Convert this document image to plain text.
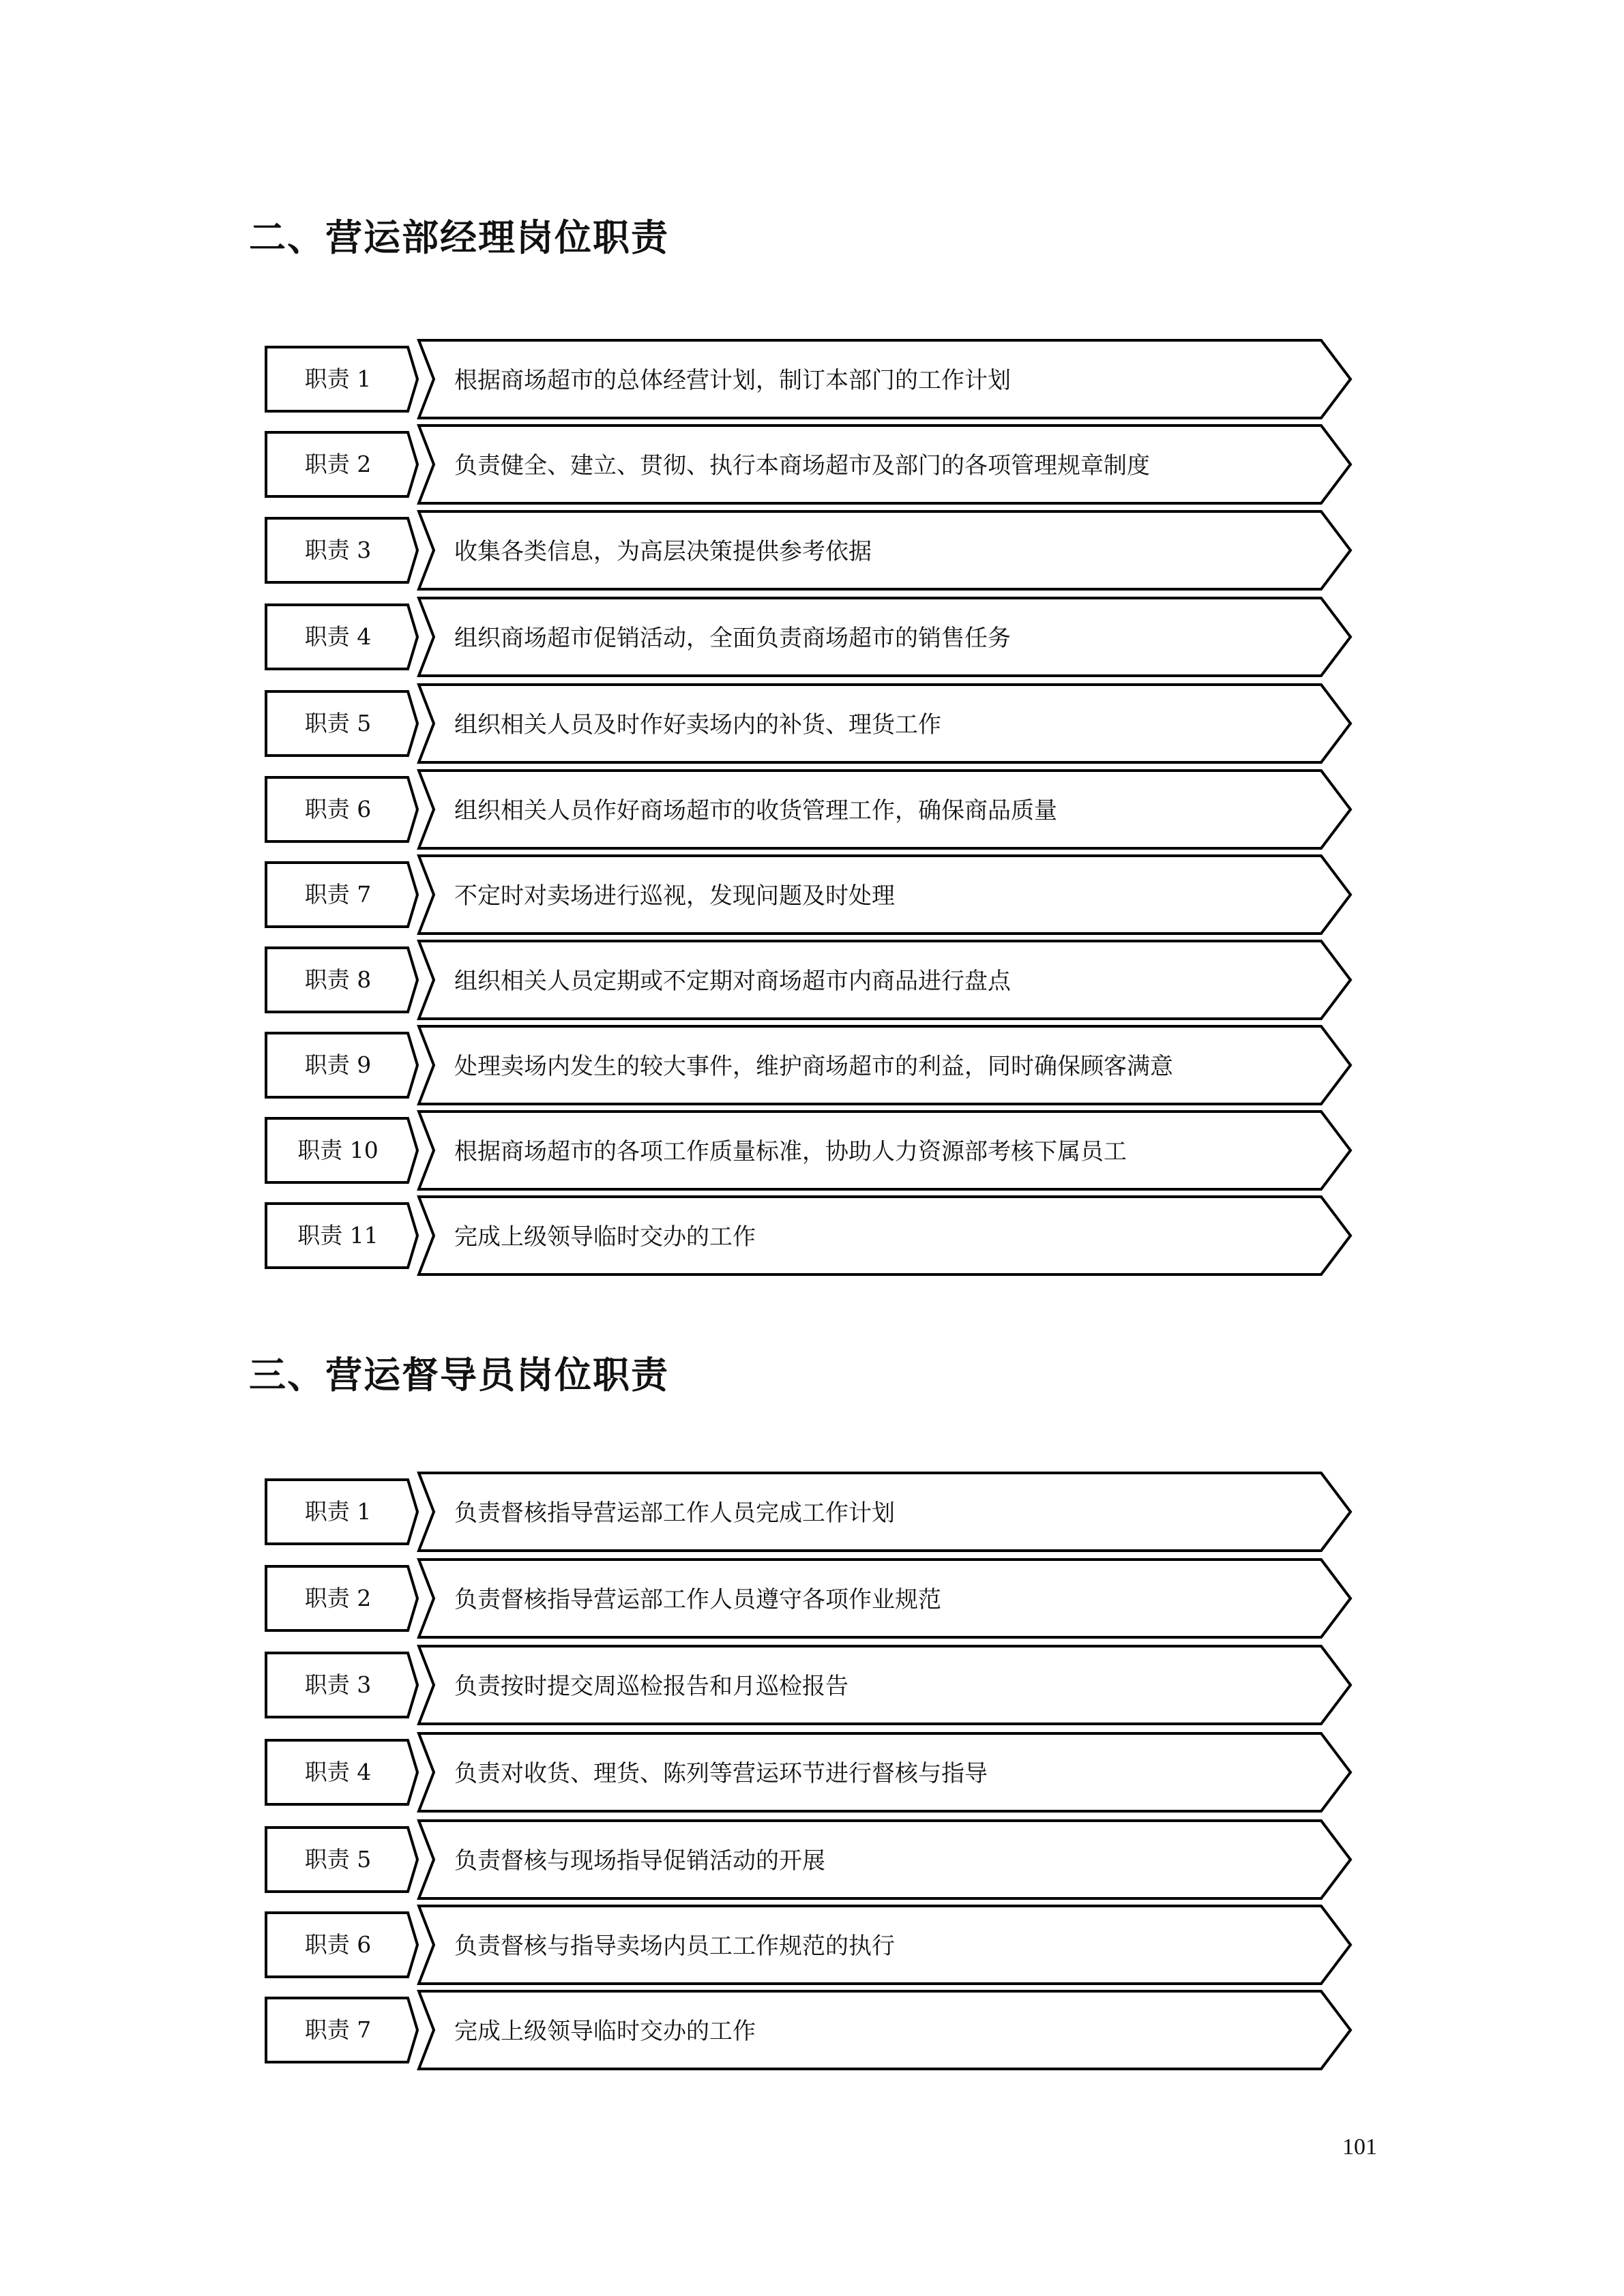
二、营运部经理岗位职责
职责 1	根据商场超市的总体经营计划，制订本部门的工作计划
职责 2	负责健全、建立、贯彻、执行本商场超市及部门的各项管理规章制度
职责 3	收集各类信息，为高层决策提供参考依据
职责 4	组织商场超市促销活动，全面负责商场超市的销售任务
职责 5	组织相关人员及时作好卖场内的补货、理货工作
职责 6	组织相关人员作好商场超市的收货管理工作，确保商品质量
职责 7	不定时对卖场进行巡视，发现问题及时处理
职责 8	组织相关人员定期或不定期对商场超市内商品进行盘点
职责 9	处理卖场内发生的较大事件，维护商场超市的利益，同时确保顾客满意
职责 10	根据商场超市的各项工作质量标准，协助人力资源部考核下属员工
职责 11	完成上级领导临时交办的工作
三、营运督导员岗位职责
职责 1	负责督核指导营运部工作人员完成工作计划
职责 2	负责督核指导营运部工作人员遵守各项作业规范
职责 3	负责按时提交周巡检报告和月巡检报告
职责 4	负责对收货、理货、陈列等营运环节进行督核与指导
职责 5	负责督核与现场指导促销活动的开展
职责 6	负责督核与指导卖场内员工工作规范的执行
职责 7	完成上级领导临时交办的工作
101
